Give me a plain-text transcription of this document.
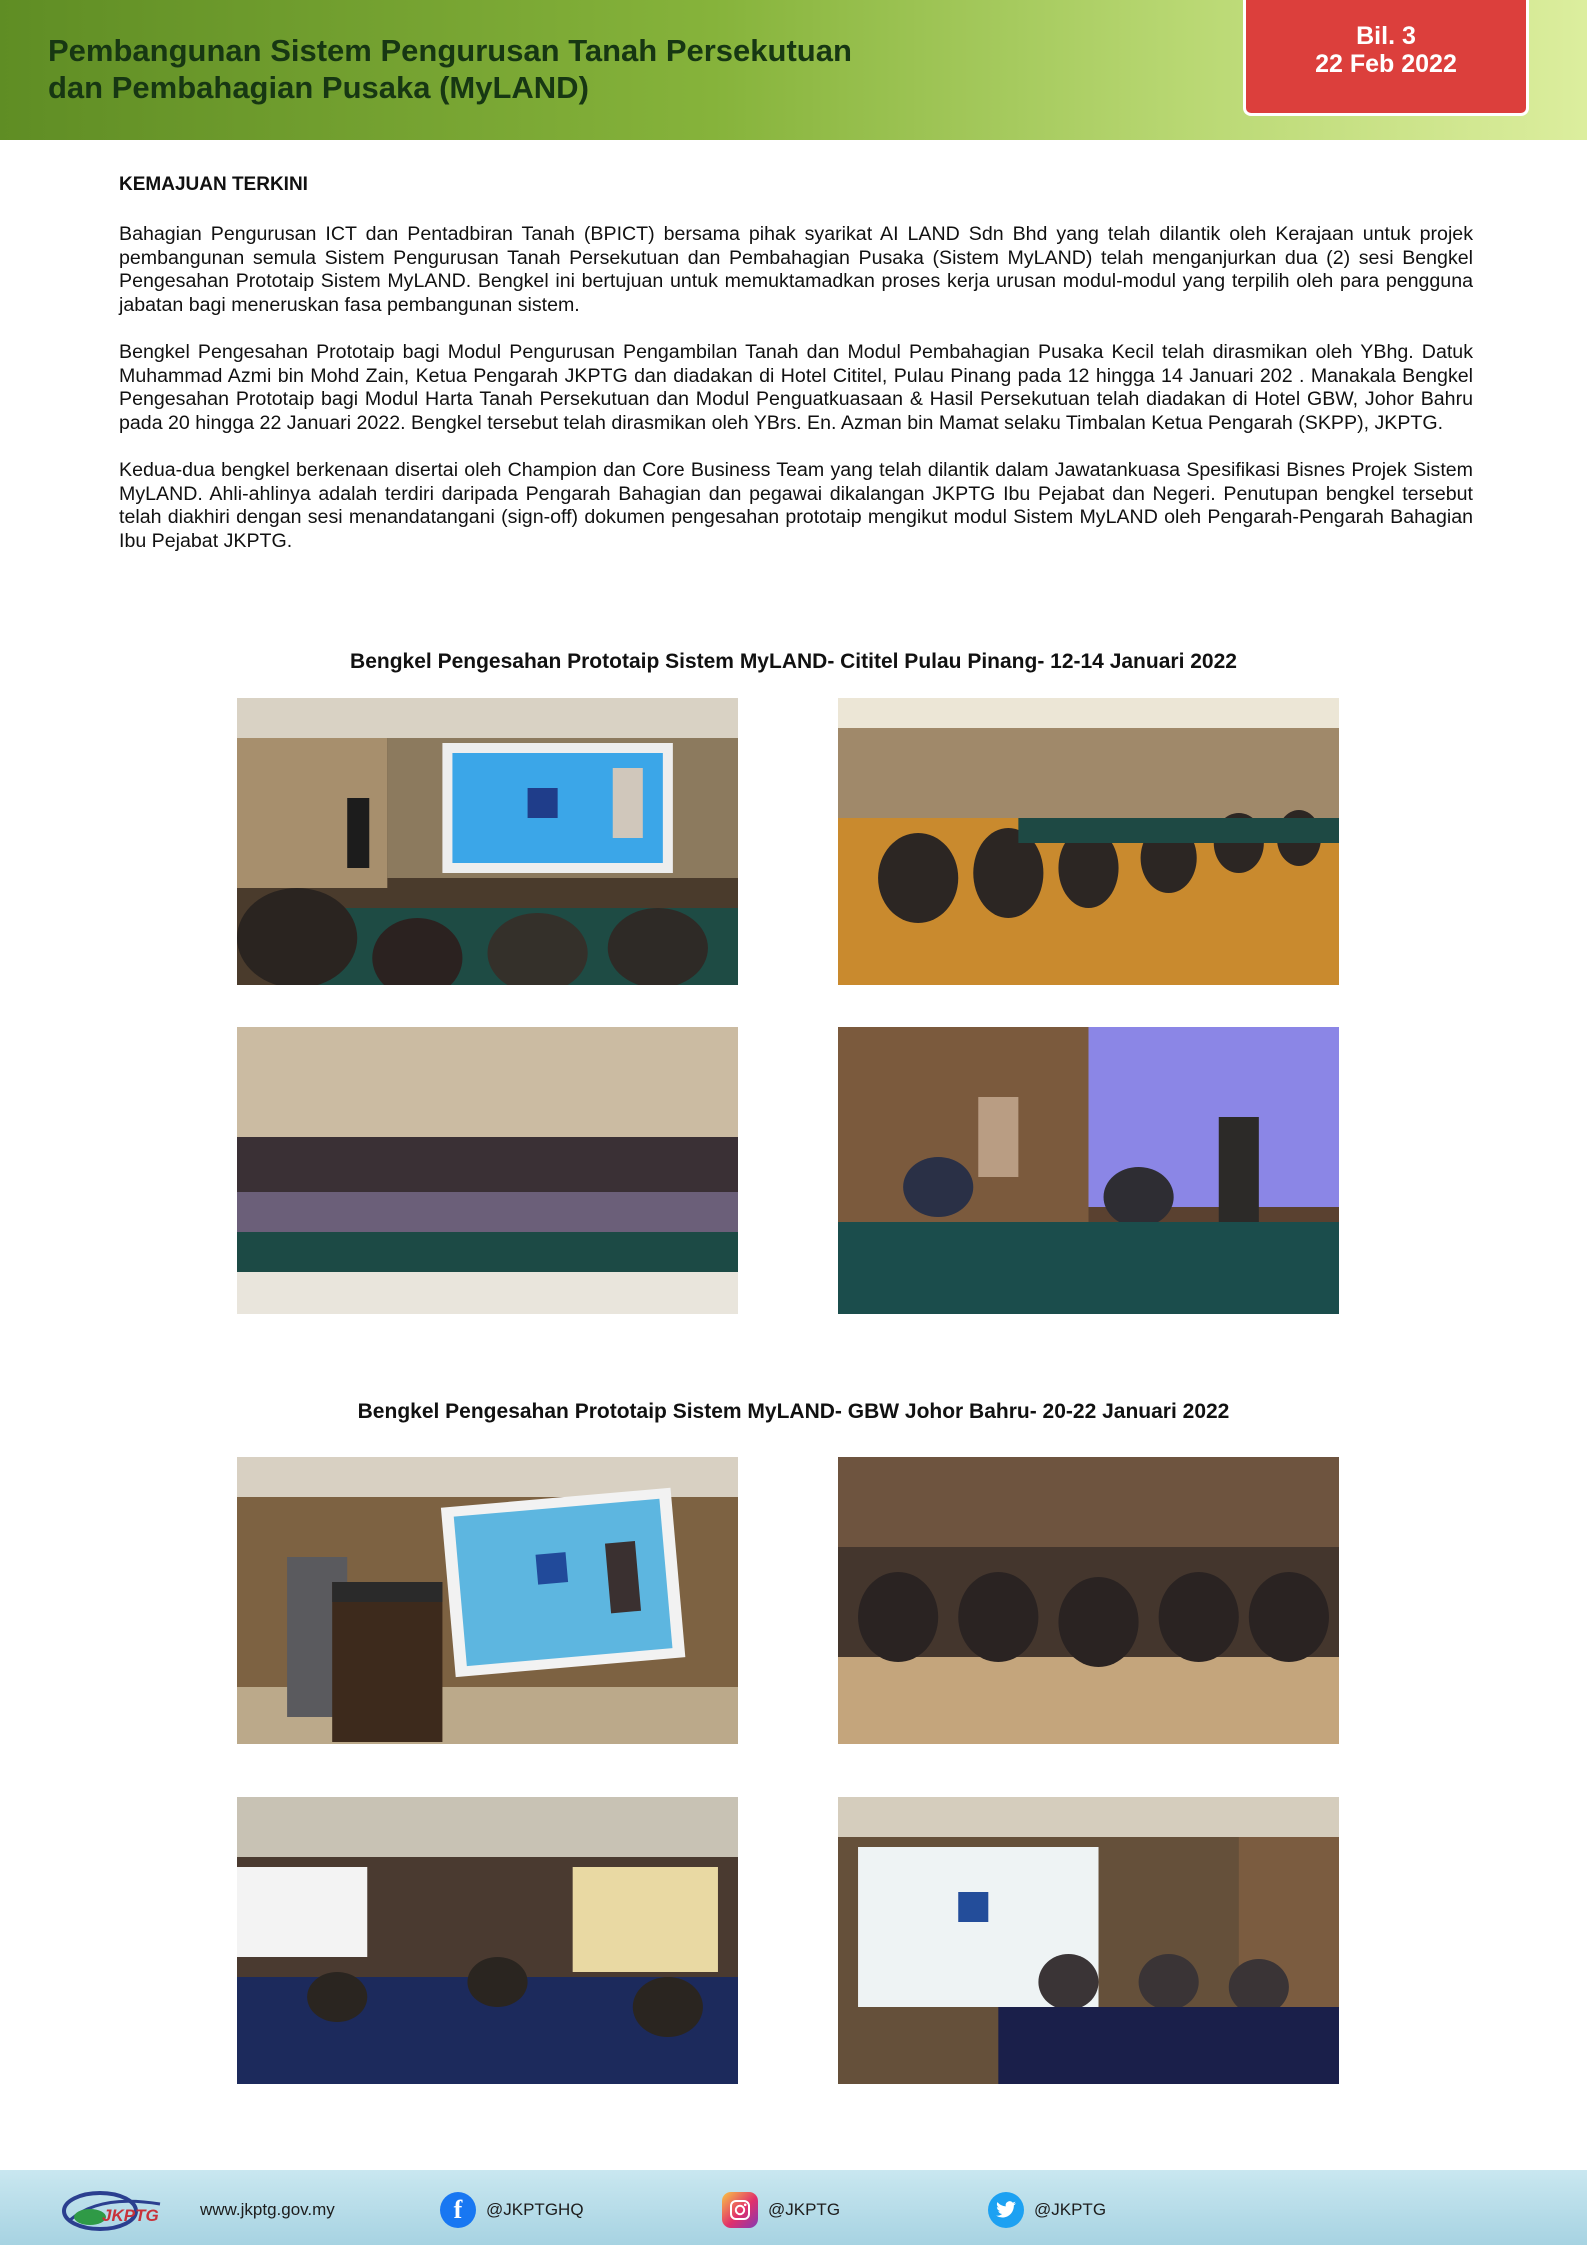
Pembangunan Sistem Pengurusan Tanah Persekutuan
dan Pembahagian Pusaka (MyLAND)
Bil. 3
22 Feb 2022
KEMAJUAN TERKINI

Bahagian Pengurusan ICT dan Pentadbiran Tanah (BPICT) bersama pihak syarikat AI LAND Sdn Bhd yang telah dilantik oleh Kerajaan untuk projek pembangunan semula Sistem Pengurusan Tanah Persekutuan dan Pembahagian Pusaka (Sistem MyLAND) telah menganjurkan dua (2) sesi Bengkel Pengesahan Prototaip Sistem MyLAND. Bengkel ini bertujuan untuk memuktamadkan proses kerja urusan modul-modul yang terpilih oleh para pengguna jabatan bagi meneruskan fasa pembangunan sistem.

Bengkel Pengesahan Prototaip bagi Modul Pengurusan Pengambilan Tanah dan Modul Pembahagian Pusaka Kecil telah dirasmikan oleh YBhg. Datuk Muhammad Azmi bin Mohd Zain, Ketua Pengarah JKPTG dan diadakan di Hotel Cititel, Pulau Pinang pada 12 hingga 14 Januari 202 . Manakala Bengkel Pengesahan Prototaip bagi Modul Harta Tanah Persekutuan dan Modul Penguatkuasaan & Hasil Persekutuan telah diadakan di Hotel GBW, Johor Bahru pada 20 hingga 22 Januari 2022. Bengkel tersebut telah dirasmikan oleh YBrs. En. Azman bin Mamat selaku Timbalan Ketua Pengarah (SKPP), JKPTG.

Kedua-dua bengkel berkenaan disertai oleh Champion dan Core Business Team yang telah dilantik dalam Jawatankuasa Spesifikasi Bisnes Projek Sistem MyLAND. Ahli-ahlinya adalah terdiri daripada Pengarah Bahagian dan pegawai dikalangan JKPTG Ibu Pejabat dan Negeri. Penutupan bengkel tersebut telah diakhiri dengan sesi menandatangani (sign-off) dokumen pengesahan prototaip mengikut modul Sistem MyLAND oleh Pengarah-Pengarah Bahagian Ibu Pejabat JKPTG.

Bengkel Pengesahan Prototaip Sistem MyLAND- Cititel Pulau Pinang- 12-14 Januari 2022
Bengkel Pengesahan Prototaip Sistem MyLAND- GBW Johor Bahru- 20-22 Januari 2022
JKPTG www.jkptg.gov.my	f	@JKPTGHQ	@JKPTG	@JKPTG
